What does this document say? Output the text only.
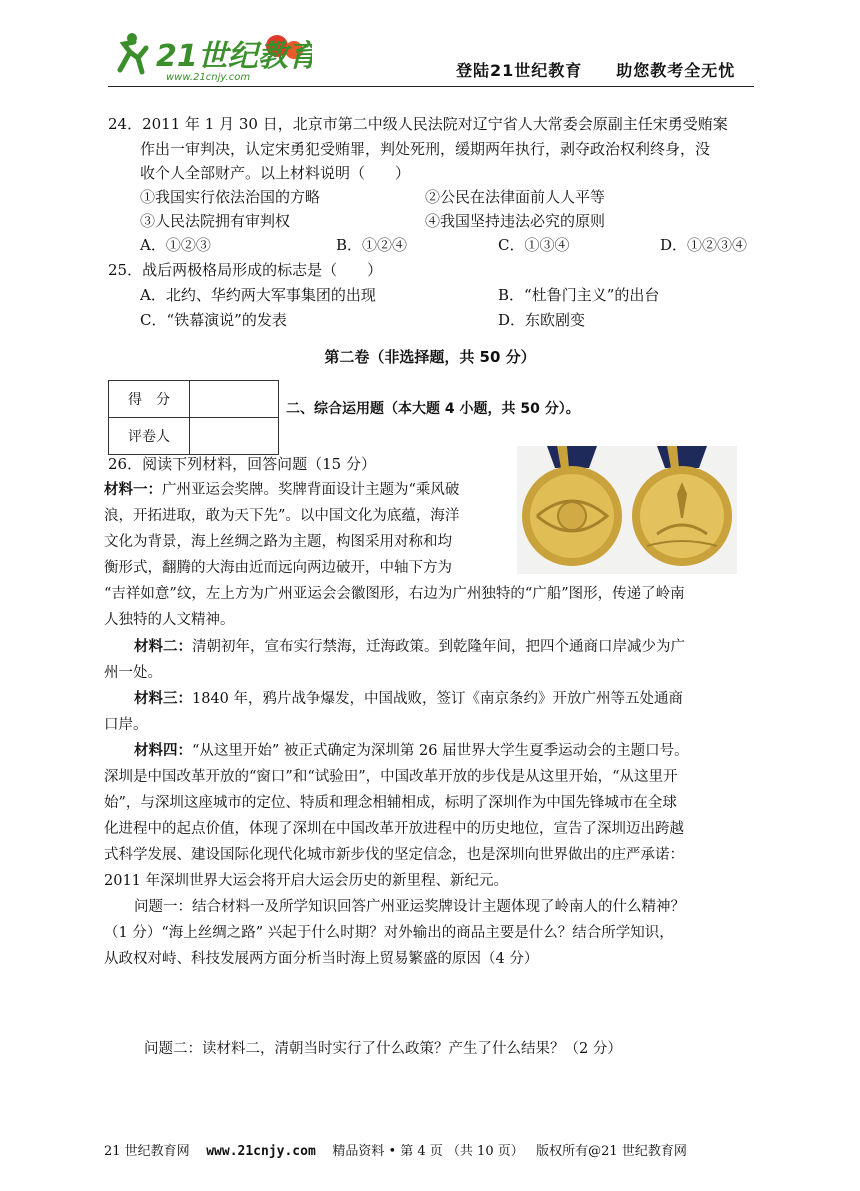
21世纪教育
www.21cnjy.com	登陆21世纪教育 助您教考全无忧
24．2011 年 1 月 30 日，北京市第二中级人民法院对辽宁省人大常委会原副主任宋勇受贿案
作出一审判决，认定宋勇犯受贿罪，判处死刑，缓期两年执行，剥夺政治权利终身，没
收个人全部财产。以上材料说明（　　）
①我国实行依法治国的方略	②公民在法律面前人人平等
③人民法院拥有审判权	④我国坚持违法必究的原则
A．①②③	B．①②④	C．①③④	D．①②③④
25．战后两极格局形成的标志是（　　）
A．北约、华约两大军事集团的出现	B．“杜鲁门主义”的出台
C．“铁幕演说”的发表	D．东欧剧变
第二卷（非选择题，共 50 分）
得　分	
评卷人	
二、综合运用题（本大题 4 小题，共 50 分）。
26．阅读下列材料，回答问题（15 分）
材料一：广州亚运会奖牌。奖牌背面设计主题为“乘风破
浪，开拓进取，敢为天下先”。以中国文化为底蕴，海洋
文化为背景，海上丝绸之路为主题，构图采用对称和均
衡形式，翻腾的大海由近而远向两边破开，中轴下方为
“吉祥如意”纹，左上方为广州亚运会会徽图形，右边为广州独特的“广船”图形，传递了岭南
人独特的人文精神。
材料二：清朝初年，宣布实行禁海，迁海政策。到乾隆年间，把四个通商口岸减少为广
州一处。
材料三：1840 年，鸦片战争爆发，中国战败，签订《南京条约》开放广州等五处通商
口岸。
材料四：“从这里开始” 被正式确定为深圳第 26 届世界大学生夏季运动会的主题口号。
深圳是中国改革开放的“窗口”和“试验田”，中国改革开放的步伐是从这里开始，“从这里开
始”，与深圳这座城市的定位、特质和理念相辅相成，标明了深圳作为中国先锋城市在全球
化进程中的起点价值，体现了深圳在中国改革开放进程中的历史地位，宣告了深圳迈出跨越
式科学发展、建设国际化现代化城市新步伐的坚定信念，也是深圳向世界做出的庄严承诺：
2011 年深圳世界大运会将开启大运会历史的新里程、新纪元。
问题一：结合材料一及所学知识回答广州亚运奖牌设计主题体现了岭南人的什么精神？
（1 分）“海上丝绸之路” 兴起于什么时期？对外输出的商品主要是什么？结合所学知识，
从政权对峙、科技发展两方面分析当时海上贸易繁盛的原因（4 分）
问题二：读材料二，清朝当时实行了什么政策？产生了什么结果？（2 分）
21 世纪教育网 www.21cnjy.com 精品资料 • 第 4 页 （共 10 页） 版权所有@21 世纪教育网
